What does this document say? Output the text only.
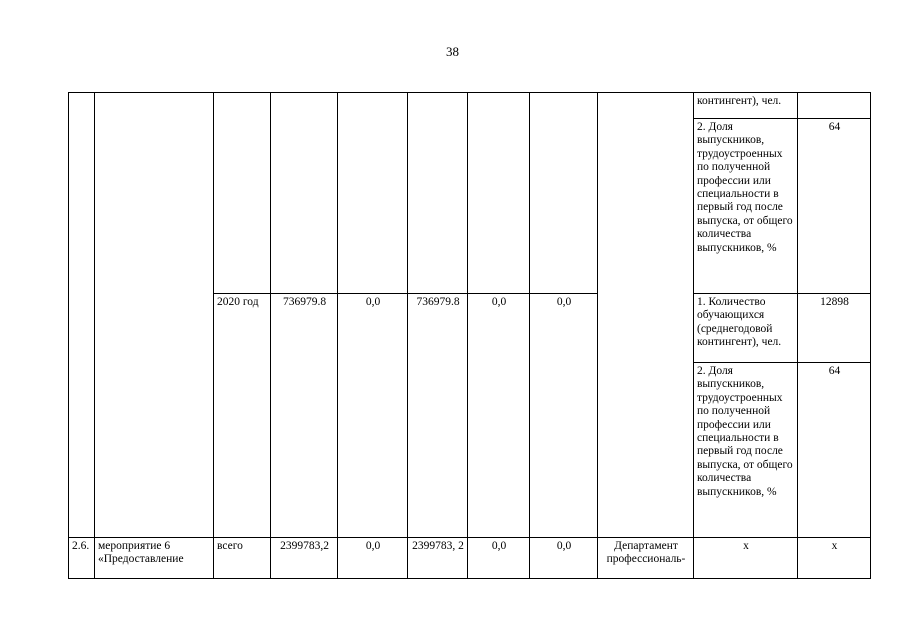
38
									контингент), чел.	
									2. Доля выпускников, трудоустроенных по полученной профессии или специальности в первый год после выпуска, от общего количества выпускников, %	64
		2020 год	736979.8	0,0	736979.8	0,0	0,0		1. Количество обучающихся (среднегодовой контингент), чел.	12898
									2. Доля выпускников, трудоустроенных по полученной профессии или специальности в первый год после выпуска, от общего количества выпускников, %	64
2.6.	мероприятие 6 «Предоставление	всего	2399783,2	0,0	2399783, 2	0,0	0,0	Департамент профессиональ-	х	х
